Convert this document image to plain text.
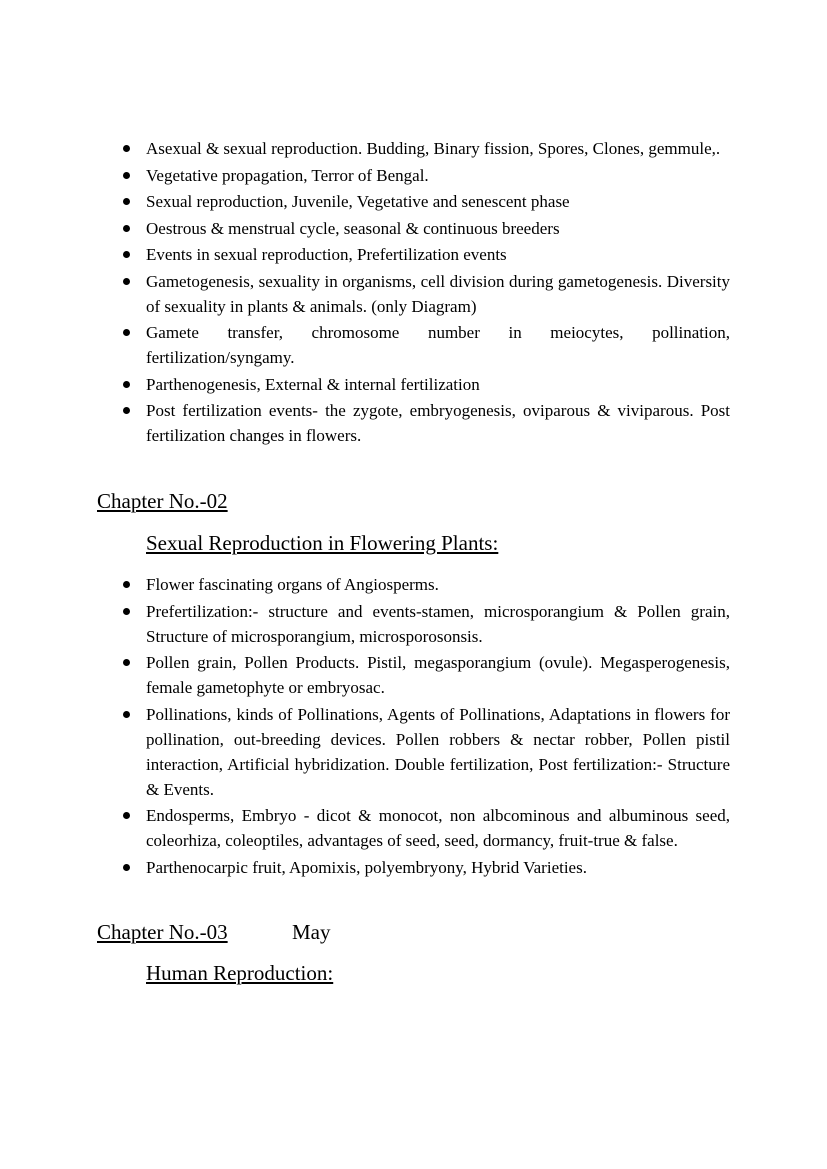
Asexual & sexual reproduction. Budding, Binary fission, Spores, Clones, gemmule,.
Vegetative propagation, Terror of Bengal.
Sexual reproduction, Juvenile, Vegetative and senescent phase
Oestrous & menstrual cycle, seasonal & continuous breeders
Events in sexual reproduction, Prefertilization events
Gametogenesis, sexuality in organisms, cell division during gametogenesis. Diversity of sexuality in plants & animals. (only Diagram)
Gamete transfer, chromosome number in meiocytes, pollination, fertilization/syngamy.
Parthenogenesis, External & internal fertilization
Post fertilization events- the zygote, embryogenesis, oviparous & viviparous. Post fertilization changes in flowers.
Chapter No.-02
Sexual Reproduction in Flowering Plants:
Flower fascinating organs of Angiosperms.
Prefertilization:- structure and events-stamen, microsporangium & Pollen grain, Structure of microsporangium, microsporosonsis.
Pollen grain, Pollen Products. Pistil, megasporangium (ovule). Megasperogenesis, female gametophyte or embryosac.
Pollinations, kinds of Pollinations, Agents of Pollinations, Adaptations in flowers for pollination, out-breeding devices. Pollen robbers & nectar robber, Pollen pistil interaction, Artificial hybridization. Double fertilization, Post fertilization:- Structure & Events.
Endosperms, Embryo - dicot & monocot, non albcominous and albuminous seed, coleorhiza, coleoptiles, advantages of seed, seed, dormancy, fruit-true & false.
Parthenocarpic fruit, Apomixis, polyembryony, Hybrid Varieties.
Chapter No.-03	May
Human Reproduction:
